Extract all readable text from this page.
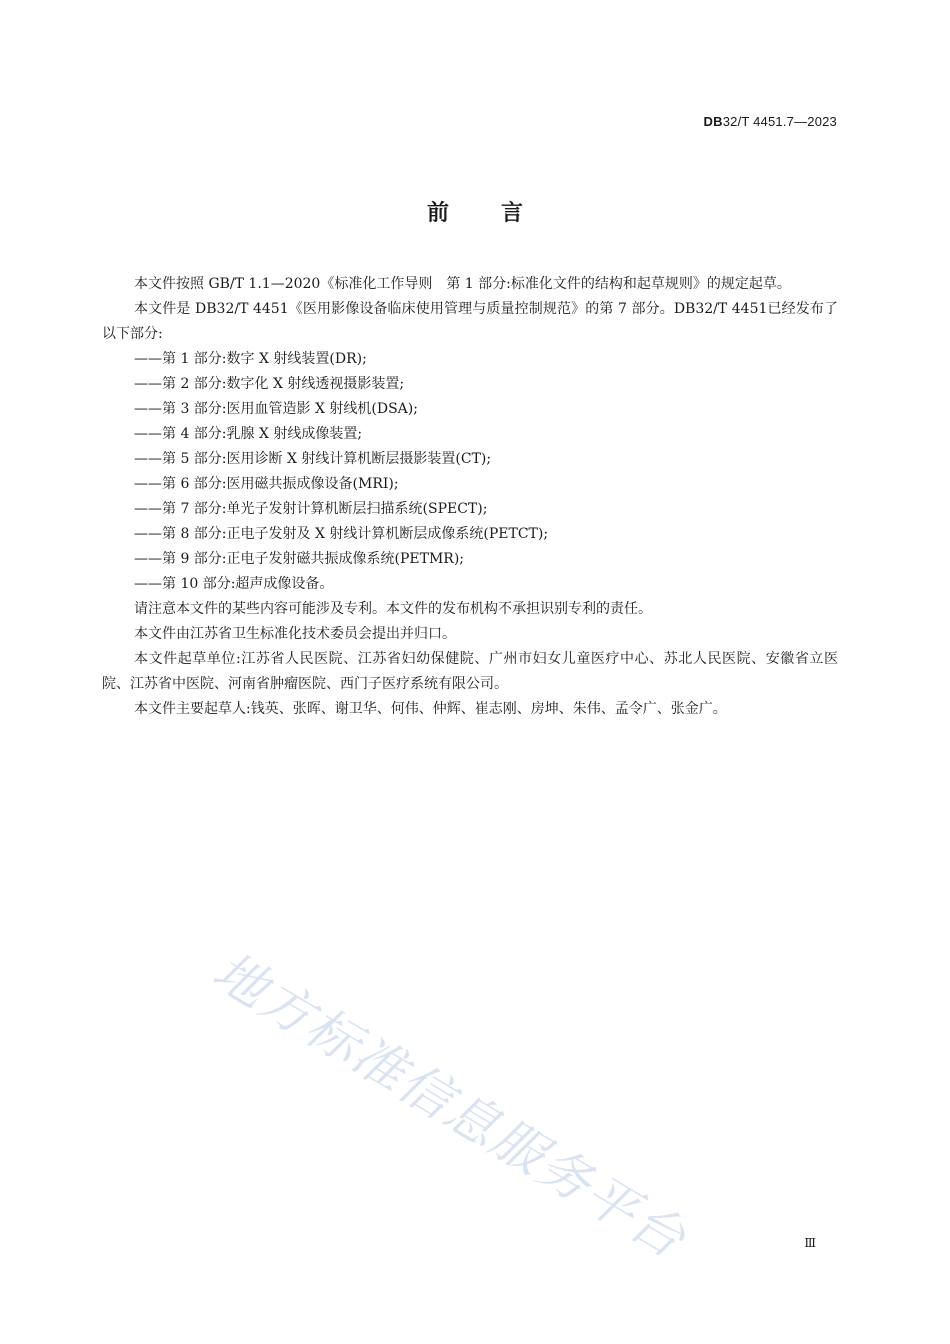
DB32/T 4451.7—2023
前言

本文件按照 GB/T 1.1—2020《标准化工作导则　第 1 部分:标准化文件的结构和起草规则》的规定起草。

本文件是 DB32/T 4451《医用影像设备临床使用管理与质量控制规范》的第 7 部分。DB32/T 4451已经发布了以下部分:

——第 1 部分:数字 X 射线装置(DR);
——第 2 部分:数字化 X 射线透视摄影装置;
——第 3 部分:医用血管造影 X 射线机(DSA);
——第 4 部分:乳腺 X 射线成像装置;
——第 5 部分:医用诊断 X 射线计算机断层摄影装置(CT);
——第 6 部分:医用磁共振成像设备(MRI);
——第 7 部分:单光子发射计算机断层扫描系统(SPECT);
——第 8 部分:正电子发射及 X 射线计算机断层成像系统(PETCT);
——第 9 部分:正电子发射磁共振成像系统(PETMR);
——第 10 部分:超声成像设备。

请注意本文件的某些内容可能涉及专利。本文件的发布机构不承担识别专利的责任。

本文件由江苏省卫生标准化技术委员会提出并归口。

本文件起草单位:江苏省人民医院、江苏省妇幼保健院、广州市妇女儿童医疗中心、苏北人民医院、安徽省立医院、江苏省中医院、河南省肿瘤医院、西门子医疗系统有限公司。

本文件主要起草人:钱英、张晖、谢卫华、何伟、仲辉、崔志刚、房坤、朱伟、孟令广、张金广。

地方标准信息服务平台	Ⅲ
